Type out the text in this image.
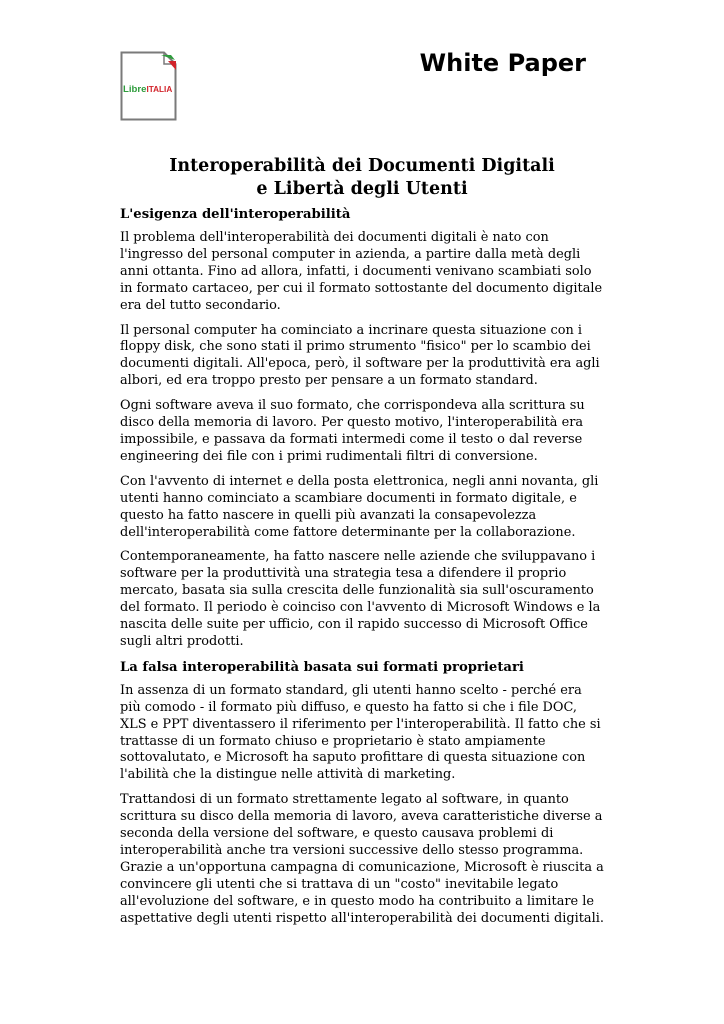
LibreITALIA
White Paper
Interoperabilità dei Documenti Digitali
e Libertà degli Utenti
L'esigenza dell'interoperabilità

Il problema dell'interoperabilità dei documenti digitali è nato con l'ingresso del personal computer in azienda, a partire dalla metà degli anni ottanta. Fino ad allora, infatti, i documenti venivano scambiati solo in formato cartaceo, per cui il formato sottostante del documento digitale era del tutto secondario.

Il personal computer ha cominciato a incrinare questa situazione con i floppy disk, che sono stati il primo strumento "fisico" per lo scambio dei documenti digitali. All'epoca, però, il software per la produttività era agli albori, ed era troppo presto per pensare a un formato standard.

Ogni software aveva il suo formato, che corrispondeva alla scrittura su disco della memoria di lavoro. Per questo motivo, l'interoperabilità era impossibile, e passava da formati intermedi come il testo o dal reverse engineering dei file con i primi rudimentali filtri di conversione.

Con l'avvento di internet e della posta elettronica, negli anni novanta, gli utenti hanno cominciato a scambiare documenti in formato digitale, e questo ha fatto nascere in quelli più avanzati la consapevolezza dell'interoperabilità come fattore determinante per la collaborazione.

Contemporaneamente, ha fatto nascere nelle aziende che sviluppavano i software per la produttività una strategia tesa a difendere il proprio mercato, basata sia sulla crescita delle funzionalità sia sull'oscuramento del formato. Il periodo è coinciso con l'avvento di Microsoft Windows e la nascita delle suite per ufficio, con il rapido successo di Microsoft Office sugli altri prodotti.

La falsa interoperabilità basata sui formati proprietari

In assenza di un formato standard, gli utenti hanno scelto - perché era più comodo - il formato più diffuso, e questo ha fatto si che i file DOC, XLS e PPT diventassero il riferimento per l'interoperabilità. Il fatto che si trattasse di un formato chiuso e proprietario è stato ampiamente sottovalutato, e Microsoft ha saputo profittare di questa situazione con l'abilità che la distingue nelle attività di marketing.

Trattandosi di un formato strettamente legato al software, in quanto scrittura su disco della memoria di lavoro, aveva caratteristiche diverse a seconda della versione del software, e questo causava problemi di interoperabilità anche tra versioni successive dello stesso programma. Grazie a un'opportuna campagna di comunicazione, Microsoft è riuscita a convincere gli utenti che si trattava di un "costo" inevitabile legato all'evoluzione del software, e in questo modo ha contribuito a limitare le aspettative degli utenti rispetto all'interoperabilità dei documenti digitali.
